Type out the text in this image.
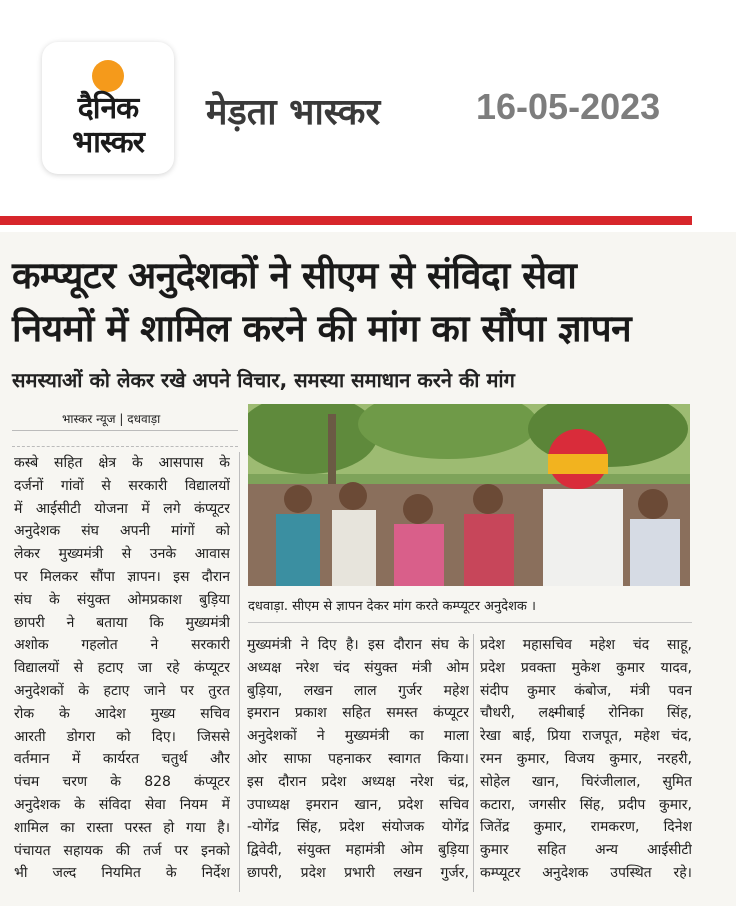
दैनिक
भास्कर
मेड़ता भास्कर	16-05-2023
कम्प्यूटर अनुदेशकों ने सीएम से संविदा सेवा
नियमों में शामिल करने की मांग का सौंपा ज्ञापन
समस्याओं को लेकर रखे अपने विचार, समस्या समाधान करने की मांग
भास्कर न्यूज | दधवाड़ा

कस्बे सहित क्षेत्र के आसपास के

दर्जनों गांवों से सरकारी विद्यालयों

में आईसीटी योजना में लगे कंप्यूटर

अनुदेशक संघ अपनी मांगों को

लेकर मुख्यमंत्री से उनके आवास

पर मिलकर सौंपा ज्ञापन। इस दौरान

संघ के संयुक्त ओमप्रकाश बुड़िया

छापरी ने बताया कि मुख्यमंत्री

अशोक गहलोत ने सरकारी

विद्यालयों से हटाए जा रहे कंप्यूटर

अनुदेशकों के हटाए जाने पर तुरत

रोक के आदेश मुख्य सचिव

आरती डोगरा को दिए। जिससे

वर्तमान में कार्यरत चतुर्थ और

पंचम चरण के 828 कंप्यूटर

अनुदेशक के संविदा सेवा नियम में

शामिल का रास्ता परस्त हो गया है।

पंचायत सहायक की तर्ज पर इनको

भी जल्द नियमित के निर्देश

दधवाड़ा. सीएम से ज्ञापन देकर मांग करते कम्प्यूटर अनुदेशक ।

मुख्यमंत्री ने दिए है। इस दौरान संघ के

अध्यक्ष नरेश चंद संयुक्त मंत्री ओम

बुड़िया, लखन लाल गुर्जर महेश

इमरान प्रकाश सहित समस्त कंप्यूटर

अनुदेशकों ने मुख्यमंत्री का माला

ओर साफा पहनाकर स्वागत किया।

इस दौरान प्रदेश अध्यक्ष नरेश चंद्र,

उपाध्यक्ष इमरान खान, प्रदेश सचिव

-योगेंद्र सिंह, प्रदेश संयोजक योगेंद्र

द्विवेदी, संयुक्त महामंत्री ओम बुड़िया

छापरी, प्रदेश प्रभारी लखन गुर्जर,

प्रदेश महासचिव महेश चंद साहू,

प्रदेश प्रवक्ता मुकेश कुमार यादव,

संदीप कुमार कंबोज, मंत्री पवन

चौधरी, लक्ष्मीबाई रोनिका सिंह,

रेखा बाई, प्रिया राजपूत, महेश चंद,

रमन कुमार, विजय कुमार, नरहरी,

सोहेल खान, चिरंजीलाल, सुमित

कटारा, जगसीर सिंह, प्रदीप कुमार,

जितेंद्र कुमार, रामकरण, दिनेश

कुमार सहित अन्य आईसीटी

कम्प्यूटर अनुदेशक उपस्थित रहे।
